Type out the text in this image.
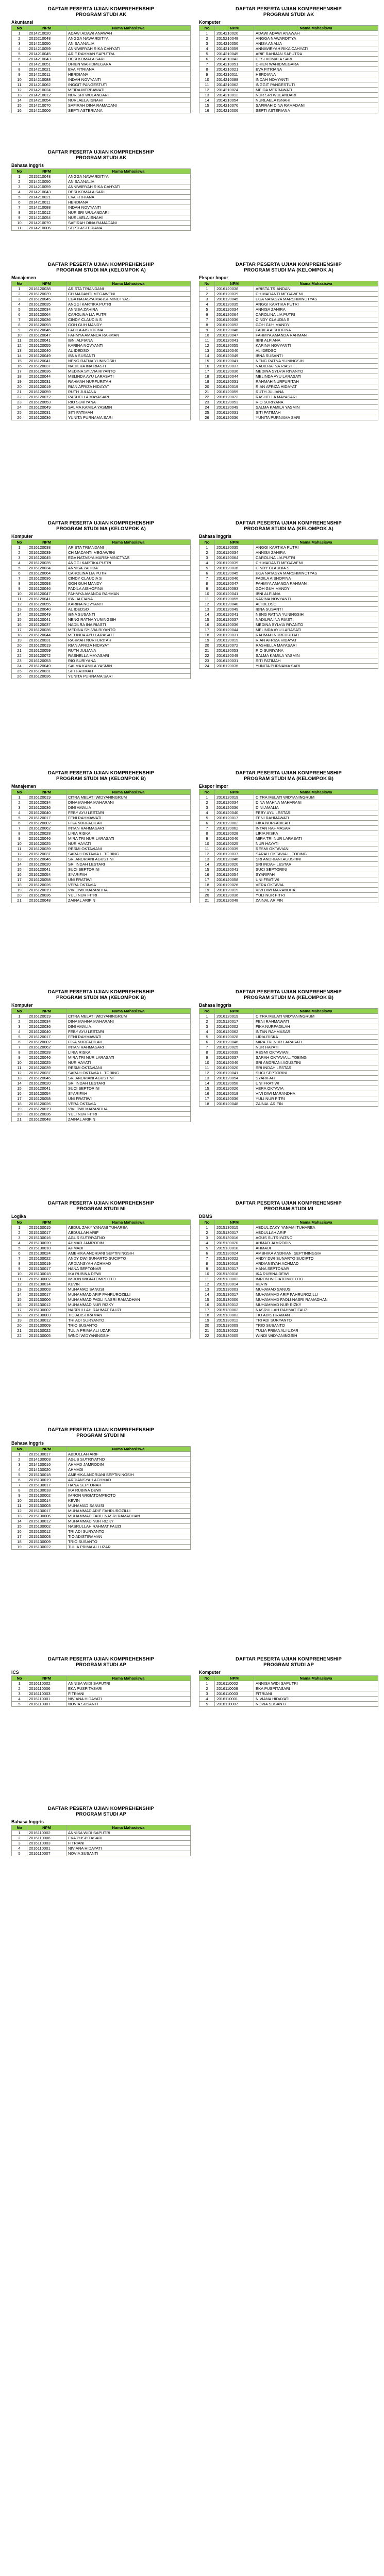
DAFTAR PESERTA UJIAN KOMPREHENSHIP
PROGRAM STUDI AK
Akuntansi
No	NPM	Nama Mahasiswa
1	2014210020	ADAWI ADAWI ANAWAH
2	2015210048	ANGGA NAWARDITYA
3	2014210050	ANISA ANALIA
4	2014210059	ANNIWIRYAH RIKA CAHYATI
5	2014210045	ARIF RAHMAN SAPUTRA
6	2014210043	DESI KOMALA SARI
7	2014210051	DHIEN WAHIDMEGARA
8	2014210021	EVA FITRIANA
9	2014210011	HERDIANA
10	2014210088	INDAH NOVYANTI
11	2014210062	INGGIT PANGESTUTI
12	2014210024	MEIDA MERBAWATI
13	2014210012	NUR SRI WULANDARI
14	2014210054	NURLAELA ISNAHI
15	2014210070	SAFIRAH DINA RAMADANI
16	2014210006	SEPTI ASTERIANA
DAFTAR PESERTA UJIAN KOMPREHENSHIP
PROGRAM STUDI AK
Komputer
No	NPM	Nama Mahasiswa
1	2014210020	ADAWI ADAWI ANAWAH
2	2015210048	ANGGA NAWARDITYA
3	2014210050	ANISA ANALIA
4	2014210059	ANNIWIRYAH RIKA CAHYATI
5	2014210045	ARIF RAHMAN SAPUTRA
6	2014210043	DESI KOMALA SARI
7	2014210051	DHIEN WAHIDMEGARA
8	2014210021	EVA FITRIANA
9	2014210011	HERDIANA
10	2014210088	INDAH NOVYANTI
11	2014210062	INGGIT PANGESTUTI
12	2014210024	MEIDA MERBAWATI
13	2014210012	NUR SRI WULANDARI
14	2014210054	NURLAELA ISNAHI
15	2014210070	SAFIRAH DINA RAMADANI
16	2014210006	SEPTI ASTERIANA
DAFTAR PESERTA UJIAN KOMPREHENSHIP
PROGRAM STUDI AK
Bahasa Inggris
No	NPM	Nama Mahasiswa
1	2015210048	ANGGA NAWARDITYA
2	2014210050	ANISA ANALIA
3	2014210059	ANNIWIRYAH RIKA CAHYATI
4	2014210043	DESI KOMALA SARI
5	2014210021	EVA FITRIANA
6	2014210011	HERDIANA
7	2014210088	INDAH NOVYANTI
8	2014210012	NUR SRI WULANDARI
9	2014210054	NURLAELA ISNAHI
10	2014210070	SAFIRAH DINA RAMADANI
11	2014210006	SEPTI ASTERIANA
DAFTAR PESERTA UJIAN KOMPREHENSHIP
PROGRAM STUDI MA (KELOMPOK A)
Manajemen
No	NPM	Nama Mahasiswa
1	2016120038	ARISTA TRIANDANI
2	2016120039	CH MADANTI MEGAWENI
3	2016120045	EGA NATASYA MARSHMINCTYAS
4	2016120035	ANGGI KARTIKA PUTRI
5	2016120034	ANNISA ZAHIRA
6	2016120064	CAROLINA LIA PUTRI
7	2016120036	CINDY CLAUDIA S
8	2016120093	GOH GUH MANDY
9	2016120046	FADILA AISHOFINA
10	2016120047	FAHMYA AMANDA RAHMAN
11	2016120041	IBNI ALFIANA
12	2016120055	KARINA NOVYANTI
13	2016120040	AL IDEDSO
14	2016120049	IBNA SUSANTI
15	2016120041	NENG RATNA YUNINGSIH
16	2016120037	NADILRA INA RIASTI
17	2016120036	MEDINA SYLVIA RIYANTO
18	2016120044	MELINDA AYU LARASATI
19	2016120031	RAHMAH NURFURITAH
20	2016120019	RIAN AFRIZA HIDAYAT
21	2016120059	RUTH JULIANA
22	2016120072	RASHELLA MAYASARI
23	2016120053	RIO SURIYANA
24	2016120049	SALMA KAMILA YASMIN
25	2016120031	SITI FATIMAH
26	2016120036	YUNITA PURNAMA SARI
DAFTAR PESERTA UJIAN KOMPREHENSHIP
PROGRAM STUDI MA (KELOMPOK A)
Ekspor Impor
No	NPM	Nama Mahasiswa
1	2016120038	ARISTA TRIANDANI
2	2016120039	CH MADANTI MEGAWENI
3	2016120045	EGA NATASYA MARSHMINCTYAS
4	2016120035	ANGGI KARTIKA PUTRI
5	2016120034	ANNISA ZAHIRA
6	2016120064	CAROLINA LIA PUTRI
7	2016120036	CINDY CLAUDIA S
8	2016120093	GOH GUH MANDY
9	2016120046	FADILA AISHOFINA
10	2016120047	FAHMYA AMANDA RAHMAN
11	2016120041	IBNI ALFIANA
12	2016120055	KARINA NOVYANTI
13	2016120040	AL IDEDSO
14	2016120049	IBNA SUSANTI
15	2016120041	NENG RATNA YUNINGSIH
16	2016120037	NADILRA INA RIASTI
17	2016120036	MEDINA SYLVIA RIYANTO
18	2016120044	MELINDA AYU LARASATI
19	2016120031	RAHMAH NURFURITAH
20	2016120019	RIAN AFRIZA HIDAYAT
21	2016120059	RUTH JULIANA
22	2016120072	RASHELLA MAYASARI
23	2016120053	RIO SURIYANA
24	2016120049	SALMA KAMILA YASMIN
25	2016120031	SITI FATIMAH
26	2016120036	YUNITA PURNAMA SARI
DAFTAR PESERTA UJIAN KOMPREHENSHIP
PROGRAM STUDI MA (KELOMPOK A)
Komputer
No	NPM	Nama Mahasiswa
1	2016120038	ARISTA TRIANDANI
2	2016120039	CH MADANTI MEGAWENI
3	2016120045	EGA NATASYA MARSHMINCTYAS
4	2016120035	ANGGI KARTIKA PUTRI
5	2016120034	ANNISA ZAHIRA
6	2016120064	CAROLINA LIA PUTRI
7	2016120036	CINDY CLAUDIA S
8	2016120093	GOH GUH MANDY
9	2016120046	FADILA AISHOFINA
10	2016120047	FAHMYA AMANDA RAHMAN
11	2016120041	IBNI ALFIANA
12	2016120055	KARINA NOVYANTI
13	2016120040	AL IDEDSO
14	2016120049	IBNA SUSANTI
15	2016120041	NENG RATNA YUNINGSIH
16	2016120037	NADILRA INA RIASTI
17	2016120036	MEDINA SYLVIA RIYANTO
18	2016120044	MELINDA AYU LARASATI
19	2016120031	RAHMAH NURFURITAH
20	2016120019	RIAN AFRIZA HIDAYAT
21	2016120059	RUTH JULIANA
22	2016120072	RASHELLA MAYASARI
23	2016120053	RIO SURIYANA
24	2016120049	SALMA KAMILA YASMIN
25	2016120031	SITI FATIMAH
26	2016120036	YUNITA PURNAMA SARI
DAFTAR PESERTA UJIAN KOMPREHENSHIP
PROGRAM STUDI MA (KELOMPOK A)
Bahasa Inggris
No	NPM	Nama Mahasiswa
1	2016120035	ANGGI KARTIKA PUTRI
2	2016120034	ANNISA ZAHIRA
3	2016120064	CAROLINA LIA PUTRI
4	2016120039	CH MADANTI MEGAWENI
5	2016120036	CINDY CLAUDIA S
6	2016120045	EGA NATASYA MARSHMINCTYAS
7	2016120046	FADILA AISHOFINA
8	2016120047	FAHMYA AMANDA RAHMAN
9	2016120093	GOH GUH MANDY
10	2016120041	IBNI ALFIANA
11	2016120055	KARINA NOVYANTI
12	2016120040	AL IDEDSO
13	2016120049	IBNA SUSANTI
14	2016120041	NENG RATNA YUNINGSIH
15	2016120037	NADILRA INA RIASTI
16	2016120036	MEDINA SYLVIA RIYANTO
17	2016120044	MELINDA AYU LARASATI
18	2016120031	RAHMAH NURFURITAH
19	2016120019	RIAN AFRIZA HIDAYAT
20	2016120072	RASHELLA MAYASARI
21	2016120053	RIO SURIYANA
22	2016120049	SALMA KAMILA YASMIN
23	2016120031	SITI FATIMAH
24	2016120036	YUNITA PURNAMA SARI
DAFTAR PESERTA UJIAN KOMPREHENSHIP
PROGRAM STUDI MA (KELOMPOK B)
Manajemen
No	NPM	Nama Mahasiswa
1	2016120019	CITRA MELATI WIDYANINGRUM
2	2016120034	DINA MAHNA MAHARANI
3	2016120036	DINI AMALIA
4	2016120040	FEBY AYU LESTARI
5	2016120017	FENI RAHMAWATI
6	2016120002	FIKA NURFADILAH
7	2016120062	INTAN RAHMASARI
8	2016120028	LIRIA RISKA
9	2016120046	MIRA TRI NUR LARASATI
10	2016120025	NUR HAYATI
11	2016120039	RESMI OKTAVIANI
12	2016120037	SARAH OKTAVIA L. TOBING
13	2016120046	SRI ANDRIANI AGUSTINI
14	2016120020	SRI INDAH LESTARI
15	2016120041	SUCI SEPTORINI
16	2016120054	SYARIFAH
17	2016120058	UNI FRATIWI
18	2016120026	VERA OKTAVIA
19	2016120019	VIVI DWI MARANDHA
20	2016120036	YULI NUR FITRI
21	2016120048	ZAINAL ARIFIN
DAFTAR PESERTA UJIAN KOMPREHENSHIP
PROGRAM STUDI MA (KELOMPOK B)
Ekspor Impor
No	NPM	Nama Mahasiswa
1	2016120019	CITRA MELATI WIDYANINGRUM
2	2016120034	DINA MAHNA MAHARANI
3	2016120036	DINI AMALIA
4	2016120040	FEBY AYU LESTARI
5	2016120017	FENI RAHMAWATI
6	2016120002	FIKA NURFADILAH
7	2016120062	INTAN RAHMASARI
8	2016120028	LIRIA RISKA
9	2016120046	MIRA TRI NUR LARASATI
10	2016120025	NUR HAYATI
11	2016120039	RESMI OKTAVIANI
12	2016120037	SARAH OKTAVIA L. TOBING
13	2016120046	SRI ANDRIANI AGUSTINI
14	2016120020	SRI INDAH LESTARI
15	2016120041	SUCI SEPTORINI
16	2016120054	SYARIFAH
17	2016120058	UNI FRATIWI
18	2016120026	VERA OKTAVIA
19	2016120019	VIVI DWI MARANDHA
20	2016120036	YULI NUR FITRI
21	2016120048	ZAINAL ARIFIN
DAFTAR PESERTA UJIAN KOMPREHENSHIP
PROGRAM STUDI MA (KELOMPOK B)
Komputer
No	NPM	Nama Mahasiswa
1	2016120019	CITRA MELATI WIDYANINGRUM
2	2016120034	DINA MAHNA MAHARANI
3	2016120036	DINI AMALIA
4	2016120040	FEBY AYU LESTARI
5	2016120017	FENI RAHMAWATI
6	2016120002	FIKA NURFADILAH
7	2016120062	INTAN RAHMASARI
8	2016120028	LIRIA RISKA
9	2016120046	MIRA TRI NUR LARASATI
10	2016120025	NUR HAYATI
11	2016120039	RESMI OKTAVIANI
12	2016120037	SARAH OKTAVIA L. TOBING
13	2016120046	SRI ANDRIANI AGUSTINI
14	2016120020	SRI INDAH LESTARI
15	2016120041	SUCI SEPTORINI
16	2016120054	SYARIFAH
17	2016120058	UNI FRATIWI
18	2016120026	VERA OKTAVIA
19	2016120019	VIVI DWI MARANDHA
20	2016120036	YULI NUR FITRI
21	2016120048	ZAINAL ARIFIN
DAFTAR PESERTA UJIAN KOMPREHENSHIP
PROGRAM STUDI MA (KELOMPOK B)
Bahasa Inggris
No	NPM	Nama Mahasiswa
1	2016120019	CITRA MELATI WIDYANINGRUM
2	2015120017	FENI RAHMAWATI
3	2016120002	FIKA NURFADILAH
4	2016120062	INTAN RAHMASARI
5	2016120028	LIRIA RISKA
6	2016120046	MIRA TRI NUR LARASATI
7	2016120025	NUR HAYATI
8	2016120039	RESMI OKTAVIANI
9	2016120037	SARAH OKTAVIA L. TOBING
10	2016120046	SRI ANDRIANI AGUSTINI
11	2016120020	SRI INDAH LESTARI
12	2016120041	SUCI SEPTORINI
13	2016120054	SYARIFAH
14	2016120058	UNI FRATIWI
15	2016120026	VERA OKTAVIA
16	2016120019	VIVI DWI MARANDHA
17	2016120036	YULI NUR FITRI
18	2016120048	ZAINAL ARIFIN
DAFTAR PESERTA UJIAN KOMPREHENSHIP
PROGRAM STUDI MI
Logika
No	NPM	Nama Mahasiswa
1	2015130015	ABDUL ZAKY YANAMI TUHAREA
2	2015130017	ABDULLAH ARIF
3	2015130016	AGUS SUTRIYATNO
4	2015130020	AHMAD JAMRODIN
5	2015130018	AHMADI
6	2015130024	AMBHIKA ANDRIANI SEPTININGSIH
7	2015130022	ANDY DWI SUNARTO SUCIPTO
8	2015130019	ARDIANSYAH ACHMAD
9	2015130017	HANA SEPTONAR
10	2015130018	IKA RUBINA DEWI
11	2015130002	IMRON WIGIATOMPEOTO
12	2015130014	KEVIN
13	2015130003	MUHAMAD SANUSI
14	2015130017	MUHAMMAD ARIF FAHRUROZILLI
15	2015130006	MUHAMMAD FADLI NASRI RAMADHAN
16	2015130012	MUHAMMAD NUR RIZKY
17	2015130002	NASRULLAH RAHMAT FAUZI
18	2015130003	TIO ADISTIRAMAN
19	2015130012	TRI ADI SURYANTO
20	2015130009	TRIO SUSANTO
21	2015130022	TULIA PRIMA ALI UZAR
22	2015130005	WINDI WIDYANINGSIH
DAFTAR PESERTA UJIAN KOMPREHENSHIP
PROGRAM STUDI MI
DBMS
No	NPM	Nama Mahasiswa
1	2015130015	ABDUL ZAKY YANAMI TUHAREA
2	2015130017	ABDULLAH ARIF
3	2015130016	AGUS SUTRIYATNO
4	2015130020	AHMAD JAMRODIN
5	2015130018	AHMADI
6	2015130024	AMBHIKA ANDRIANI SEPTININGSIH
7	2015130022	ANDY DWI SUNARTO SUCIPTO
8	2015130019	ARDIANSYAH ACHMAD
9	2015130017	HANA SEPTONAR
10	2015130018	IKA RUBINA DEWI
11	2015130002	IMRON WIGIATOMPEOTO
12	2015130014	KEVIN
13	2015130003	MUHAMAD SANUSI
14	2015130017	MUHAMMAD ARIF FAHRUROZILLI
15	2015130006	MUHAMMAD FADLI NASRI RAMADHAN
16	2015130012	MUHAMMAD NUR RIZKY
17	2015130002	NASRULLAH RAHMAT FAUZI
18	2015130003	TIO ADISTIRAMAN
19	2015130012	TRI ADI SURYANTO
20	2015130009	TRIO SUSANTO
21	2015130022	TULIA PRIMA ALI UZAR
22	2015130005	WINDI WIDYANINGSIH
DAFTAR PESERTA UJIAN KOMPREHENSHIP
PROGRAM STUDI MI
Bahasa Inggris
No	NPM	Nama Mahasiswa
1	2015130017	ABDULLAH ARIF
2	2014130003	AGUS SUTRIYATNO
3	2014130016	AHMAD JAMRODIN
4	2014130020	AHMADI
5	2015130018	AMBHIKA ANDRIANI SEPTININGSIH
6	2015130019	ARDIANSYAH ACHMAD
7	2015130017	HANA SEPTONAR
8	2015130018	IKA RUBINA DEWI
9	2015130002	IMRON WIGIATOMPEOTO
10	2015130014	KEVIN
11	2015130003	MUHAMAD SANUSI
12	2015130017	MUHAMMAD ARIF FAHRUROZILLI
13	2015130006	MUHAMMAD FADLI NASRI RAMADHAN
14	2015130012	MUHAMMAD NUR RIZKY
15	2015130002	NASRULLAH RAHMAT FAUZI
16	2015130012	TRI ADI SURYANTO
17	2015130003	TIO ADISTIRAMAN
18	2015130009	TRIO SUSANTO
19	2015130022	TULIA PRIMA ALI UZAR
DAFTAR PESERTA UJIAN KOMPREHENSHIP
PROGRAM STUDI AP
ICS
No	NPM	Nama Mahasiswa
1	2016110002	ANNISA WIDI SAPUTRI
2	2016110006	EKA PUSPITASARI
3	2016110003	FITRIANI
4	2016110001	NIVIANA HIDAYATI
5	2016110007	NOVIA SUSANTI
DAFTAR PESERTA UJIAN KOMPREHENSHIP
PROGRAM STUDI AP
Komputer
No	NPM	Nama Mahasiswa
1	2016110002	ANNISA WIDI SAPUTRI
2	2016110006	EKA PUSPITASARI
3	2016110003	FITRIANI
4	2016110001	NIVIANA HIDAYATI
5	2016110007	NOVIA SUSANTI
DAFTAR PESERTA UJIAN KOMPREHENSHIP
PROGRAM STUDI AP
Bahasa Inggris
No	NPM	Nama Mahasiswa
1	2016110002	ANNISA WIDI SAPUTRI
2	2016110006	EKA PUSPITASARI
3	2016110003	FITRIANI
4	2016110001	NIVIANA HIDAYATI
5	2016110007	NOVIA SUSANTI
